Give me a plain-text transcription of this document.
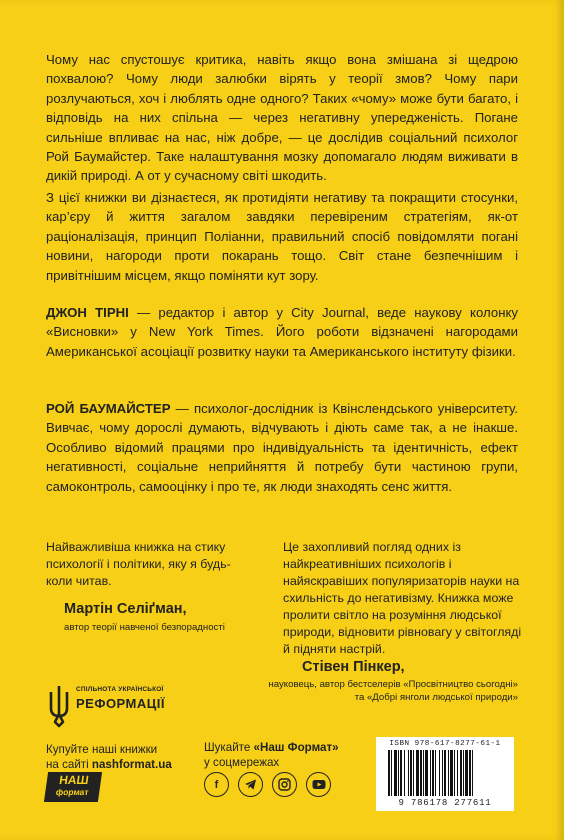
Чому нас спустошує критика, навіть якщо вона змішана зі щедрою похвалою? Чому люди залюбки вірять у теорії змов? Чому пари розлучаються, хоч і люблять одне одного? Таких «чому» може бути багато, і відповідь на них спільна — через негативну упередженість. Погане сильніше впливає на нас, ніж добре, — це дослідив соціальний психолог Рой Баумайстер. Таке налаштування мозку допомагало людям виживати в дикій природі. А от у сучасному світі шкодить.

З цієї книжки ви дізнаєтеся, як протидіяти негативу та покращити стосунки, кар’єру й життя загалом завдяки перевіреним стратегіям, як-от раціоналізація, принцип Поліанни, правильний спосіб повідомляти погані новини, нагороди проти покарань тощо. Світ стане безпечнішим і привітнішим місцем, якщо поміняти кут зору.

ДЖОН ТІРНІ — редактор і автор у City Journal, веде наукову колонку «Висновки» у New York Times. Його роботи відзначені нагородами Американської асоціації розвитку науки та Американського інституту фізики.

РОЙ БАУМАЙСТЕР — психолог-дослідник із Квінслендського університету. Вивчає, чому дорослі думають, відчувають і діють саме так, а не інакше. Особливо відомий працями про індивідуальність та ідентичність, ефект негативності, соціальне неприйняття й потребу бути частиною групи, самоконтроль, самооцінку і про те, як люди знаходять сенс життя.

Найважливіша книжка на стику психології і політики, яку я будь-коли читав.

Мартін Селіґман,
автор теорії навченої безпорадності

Це захопливий погляд одних із найкреативніших психологів і найяскравіших популяризаторів науки на схильність до негативізму. Книжка може пролити світло на розуміння людської природи, відновити рівновагу у світогляді й підняти настрій.

Стівен Пінкер,
науковець, автор бестселерів «Просвітництво сьогодні» та «Добрі янголи людської природи»
СПІЛЬНОТА УКРАЇНСЬКОЇ
РЕФОРМАЦІЇ
Купуйте наші книжки
на сайті nashformat.ua
НАШ
формат
Шукайте «Наш Формат»
у соцмережах
f
ISBN 978-617-8277-61-1
9 786178 277611
